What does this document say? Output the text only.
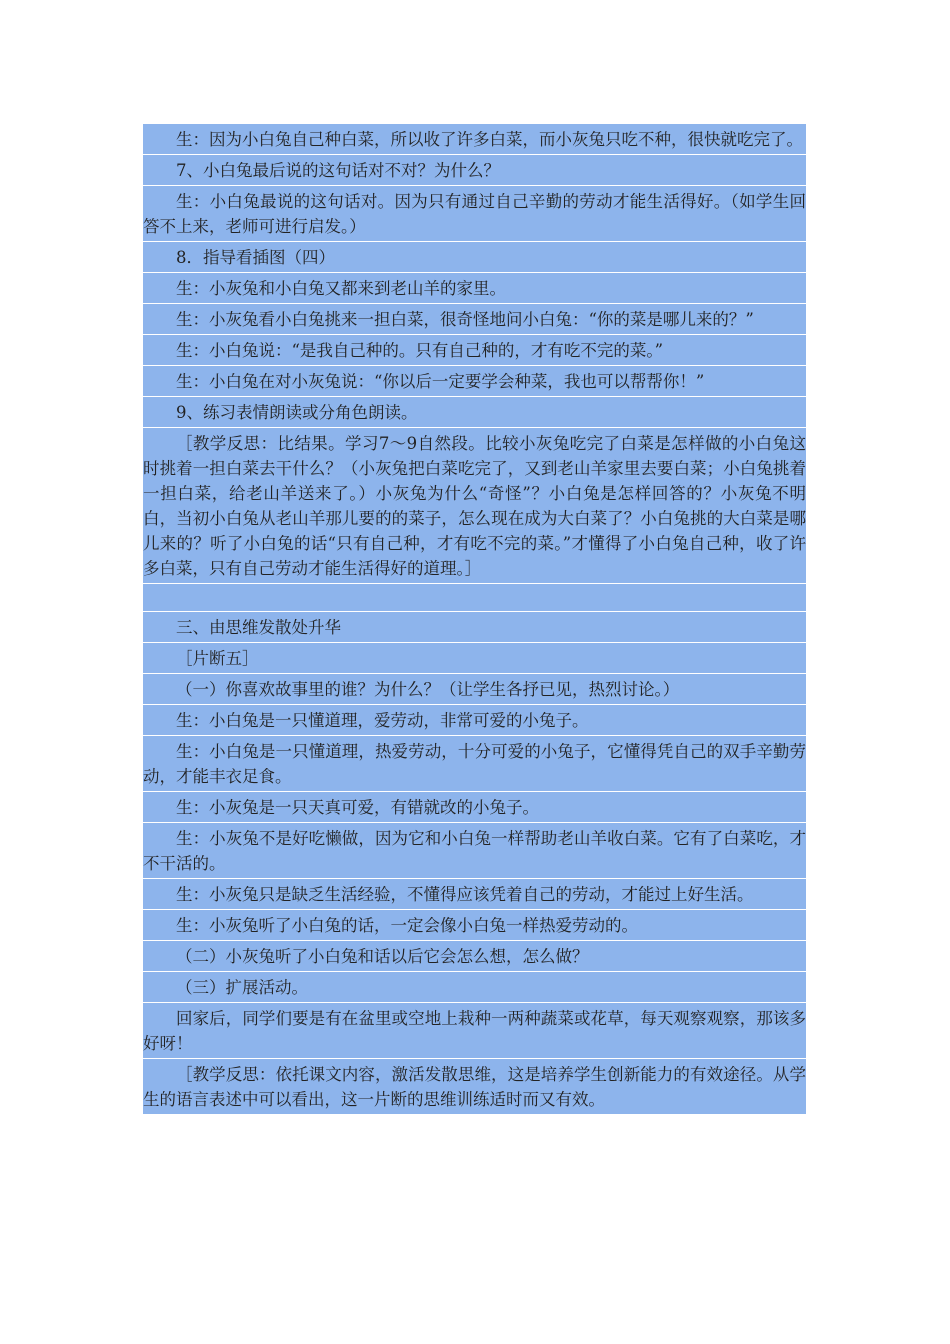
生：因为小白兔自己种白菜，所以收了许多白菜，而小灰兔只吃不种，很快就吃完了。
7、小白兔最后说的这句话对不对？为什么？
生：小白兔最说的这句话对。因为只有通过自己辛勤的劳动才能生活得好。（如学生回答不上来，老师可进行启发。）
8．指导看插图（四）
生：小灰兔和小白兔又都来到老山羊的家里。
生：小灰兔看小白兔挑来一担白菜，很奇怪地问小白兔：“你的菜是哪儿来的？”
生：小白兔说：“是我自己种的。只有自己种的，才有吃不完的菜。”
生：小白兔在对小灰兔说：“你以后一定要学会种菜，我也可以帮帮你！”
9、练习表情朗读或分角色朗读。
［教学反思：比结果。学习7～9自然段。比较小灰兔吃完了白菜是怎样做的小白兔这时挑着一担白菜去干什么？（小灰兔把白菜吃完了，又到老山羊家里去要白菜；小白兔挑着一担白菜，给老山羊送来了。）小灰兔为什么“奇怪”？小白兔是怎样回答的？小灰兔不明白，当初小白兔从老山羊那儿要的的菜子，怎么现在成为大白菜了？小白兔挑的大白菜是哪儿来的？听了小白兔的话“只有自己种，才有吃不完的菜。”才懂得了小白兔自己种，收了许多白菜，只有自己劳动才能生活得好的道理。］
三、由思维发散处升华
［片断五］
（一）你喜欢故事里的谁？为什么？（让学生各抒已见，热烈讨论。）
生：小白兔是一只懂道理，爱劳动，非常可爱的小兔子。
生：小白兔是一只懂道理，热爱劳动，十分可爱的小兔子，它懂得凭自己的双手辛勤劳动，才能丰衣足食。
生：小灰兔是一只天真可爱，有错就改的小兔子。
生：小灰兔不是好吃懒做，因为它和小白兔一样帮助老山羊收白菜。它有了白菜吃，才不干活的。
生：小灰兔只是缺乏生活经验，不懂得应该凭着自己的劳动，才能过上好生活。
生：小灰兔听了小白兔的话，一定会像小白兔一样热爱劳动的。
（二）小灰兔听了小白兔和话以后它会怎么想，怎么做？
（三）扩展活动。
回家后，同学们要是有在盆里或空地上栽种一两种蔬菜或花草，每天观察观察，那该多好呀！
［教学反思：依托课文内容，激活发散思维，这是培养学生创新能力的有效途径。从学生的语言表述中可以看出，这一片断的思维训练适时而又有效。
